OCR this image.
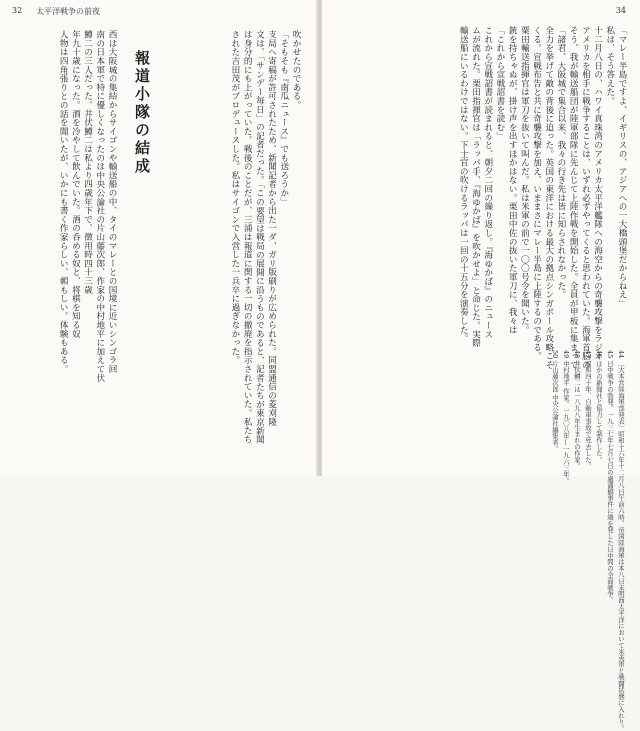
32 太平洋戦争の前夜
吹かせたのである。
「そもそも『南瓜ニュース』でも送ろうか」
支局へ寄稿が許可されたため、新聞記者から出た一ダ、ガリ版刷りが広められた。同盟通信の菱刈隆
文は、「サンデー毎日」の記者だった。「この要望は戦局の展開に沿うものであると、記者たちが東京新聞
は身分的にも上がっていた。戦後のことだが、三浦は報道に関する一切の撤廃を指示されていた。私たち
された吉田茂がプロデュースした。私はサイゴンで入営した一兵卒に過ぎなかった。
報道小隊の結成
西は大阪城の集結からサイゴンや輸送船の中、タイのマレーとの国境に近いシンゴラ回
南の日本軍で特に優しくなったのは中央公論社の片山藤次郎、作家の中村地平に加えて伏
鱒二の三人だった。井伏鱒二は私より四歳年下で、徴用時四十三歳
年九十歳になった。酒を冷やして飲んでいた。酒の呑める奴と、将棋を知る奴
人物は四角張りとの話を聞いたが、いかにも書く作家らしい、頼もしい。体験もある。
34
「マレー半島ですよ、イギリスの、アジアへの一大橋頭堡だからねえ」
私は、そう答えた。
十二月八日の、ハワイ真珠湾のアメリカ太平洋艦隊への海空からの奇襲攻撃をラジオ
アメリカを相手に戦争することは、いずれ必ずやってくると思われていた。海軍首脳の
そう、我が輸送船団が陸軍部隊に先んじて上陸作戦を開始した。全員が甲板に集まって
「諸君、大阪城で集合以来、我々の行き先は皆に知らされなかった。
全力を挙げて敵の背後に迫った。英国の東洋における最大の拠点シンガポール攻略こそ
くる。宣戦布告と共に奇襲攻撃を加え、いままさにマレー半島に上陸するのである。
粟田輸送指揮官は軍刀を抜いて叫んだ。私は米軍の前で一〇〇号令を聞いた。
銃を持ちゃぬが、掛け声を出すほかはない。栗田中佐の抜いた軍刀に、我々は
「これから宣戦詔書を読む」
これから宣戦詔書が読まれると、朝夕二回の繰り返し。『海ゆかば』のニュース
ムが流れた。栗田指揮官は「ラッパ手、『海ゆかば』を吹かせよ」と命じた。実際
輸送船にいるわけではない。下士官の吹けるラッパは一回の十五分を演奏した。
44 〔大本営陸海軍部発表〕昭和十六年十二月八日午前六時、帝国陸海軍は本八日未明西太平洋において米英軍と戦闘状態に入れり。
45 日中戦争の勃発。一九三七年七月七日の盧溝橋事件に端を発した日中間の全面戦争。
46 ほかの新聞社と協力して制作した。
47 昭和四十年、自動車事故で死去した。
48 井伏鱒二は一八九八年生まれの作家。
49 中村地平 作家。一九〇八年—一九六三年。
50 片山藤次郎 中央公論社編集者。
